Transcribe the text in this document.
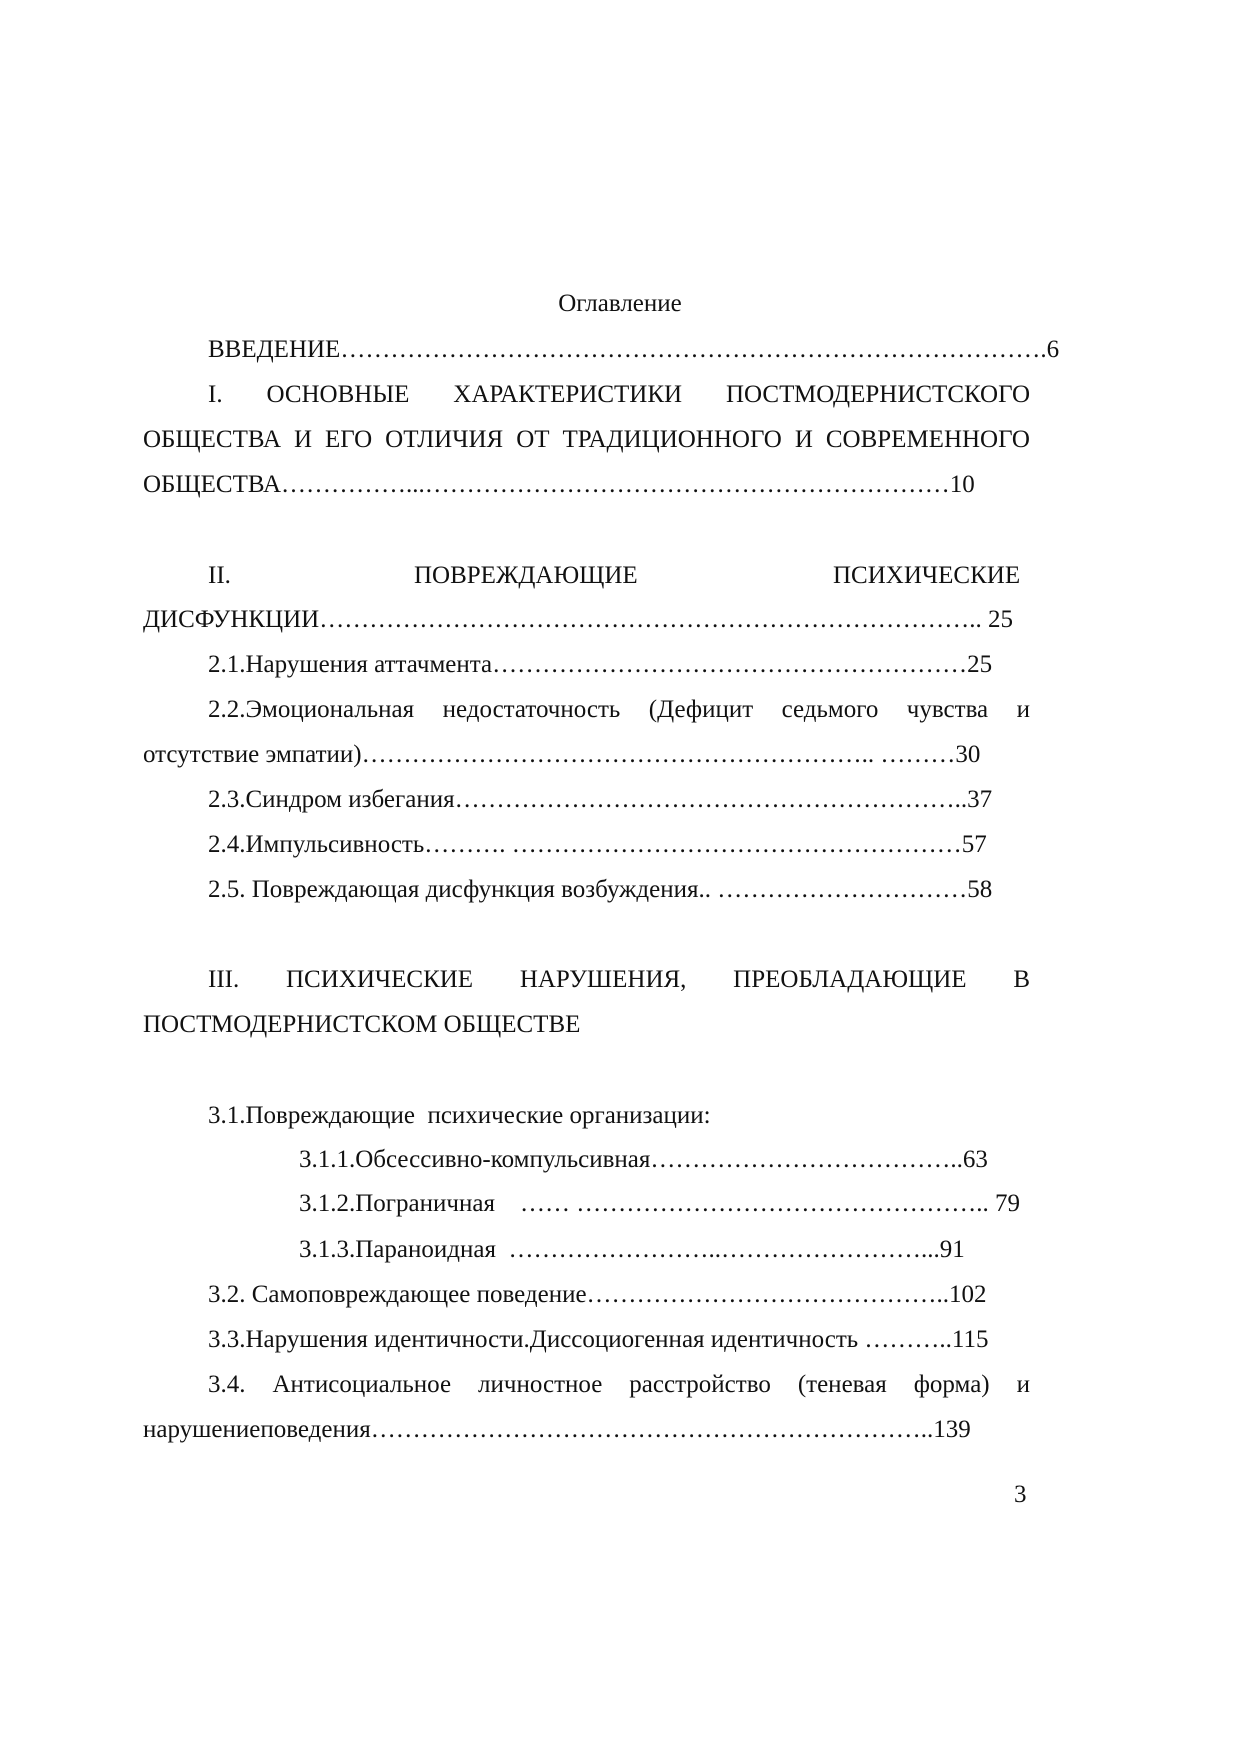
Оглавление
ВВЕДЕНИЕ………………………………………………………………………….6
I. ОСНОВНЫЕ ХАРАКТЕРИСТИКИ ПОСТМОДЕРНИСТСКОГО
ОБЩЕСТВА И ЕГО ОТЛИЧИЯ ОТ ТРАДИЦИОННОГО И СОВРЕМЕННОГО
ОБЩЕСТВА……………...………………………………………………………10
II.	ПОВРЕЖДАЮЩИЕ	ПСИХИЧЕСКИЕ
ДИСФУНКЦИИ…………………………………………………………………….. 25
2.1.Нарушения аттачмента…………………………………………………25
2.2.Эмоциональная недостаточность (Дефицит седьмого чувства и
отсутствие эмпатии)…………………………………………………….. ………30
2.3.Синдром избегания……………………………………………………..37
2.4.Импульсивность………. ………………………………………………57
2.5. Повреждающая дисфункция возбуждения.. …………………………58
III. ПСИХИЧЕСКИЕ НАРУШЕНИЯ, ПРЕОБЛАДАЮЩИЕ В
ПОСТМОДЕРНИСТСКОМ ОБЩЕСТВЕ
3.1.Повреждающие  психические организации:
3.1.1.Обсессивно-компульсивная………………………………..63
3.1.2.Пограничная    …… ………………………………………….. 79
3.1.3.Параноидная  ……………………..……………………...91
3.2. Самоповреждающее поведение……………………………………..102
3.3.Нарушения идентичности.Диссоциогенная идентичность ………..115
3.4. Антисоциальное личностное расстройство (теневая форма) и
нарушениеповедения…………………………………………………………..139
3
